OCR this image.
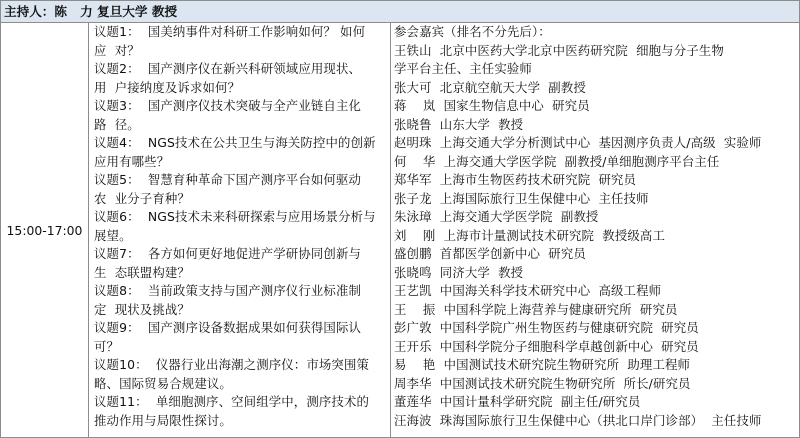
主持人：陈   力 复旦大学 教授
15:00-17:00
议题1：  国美纳事件对科研工作影响如何？ 如何
应  对？
议题2：  国产测序仪在新兴科研领域应用现状、
用  户接纳度及诉求如何？
议题3：  国产测序仪技术突破与全产业链自主化
路  径。
议题4：  NGS技术在公共卫生与海关防控中的创新
应用有哪些？
议题5：  智慧育种革命下国产测序平台如何驱动
农  业分子育种？
议题6：  NGS技术未来科研探索与应用场景分析与
展望。
议题7：  各方如何更好地促进产学研协同创新与
生  态联盟构建？
议题8：  当前政策支持与国产测序仪行业标准制
定  现状及挑战？
议题9：  国产测序设备数据成果如何获得国际认
可？
议题10：  仪器行业出海潮之测序仪：市场突围策
略、国际贸易合规建议。
议题11：  单细胞测序、空间组学中，测序技术的
推动作用与局限性探讨。
参会嘉宾（排名不分先后）：
王铁山  北京中医药大学北京中医药研究院  细胞与分子生物
学平台主任、主任实验师
张大可  北京航空航天大学  副教授
蒋    岚  国家生物信息中心  研究员
张晓鲁  山东大学  教授
赵明珠  上海交通大学分析测试中心  基因测序负责人/高级  实验师
何    华  上海交通大学医学院  副教授/单细胞测序平台主任
郑华军  上海市生物医药技术研究院  研究员
张子龙  上海国际旅行卫生保健中心  主任技师
朱泳璋  上海交通大学医学院  副教授
刘    刚  上海市计量测试技术研究院  教授级高工
盛创鹏  首都医学创新中心  研究员
张晓鸣  同济大学  教授
王艺凯  中国海关科学技术研究中心  高级工程师
王    振  中国科学院上海营养与健康研究所  研究员
彭广敦  中国科学院广州生物医药与健康研究院  研究员
王开乐  中国科学院分子细胞科学卓越创新中心  研究员
易    艳  中国测试技术研究院生物研究所  助理工程师
周李华  中国测试技术研究院生物研究所  所长/研究员
董莲华  中国计量科学研究院  副主任/研究员
汪海波  珠海国际旅行卫生保健中心（拱北口岸门诊部）  主任技师
